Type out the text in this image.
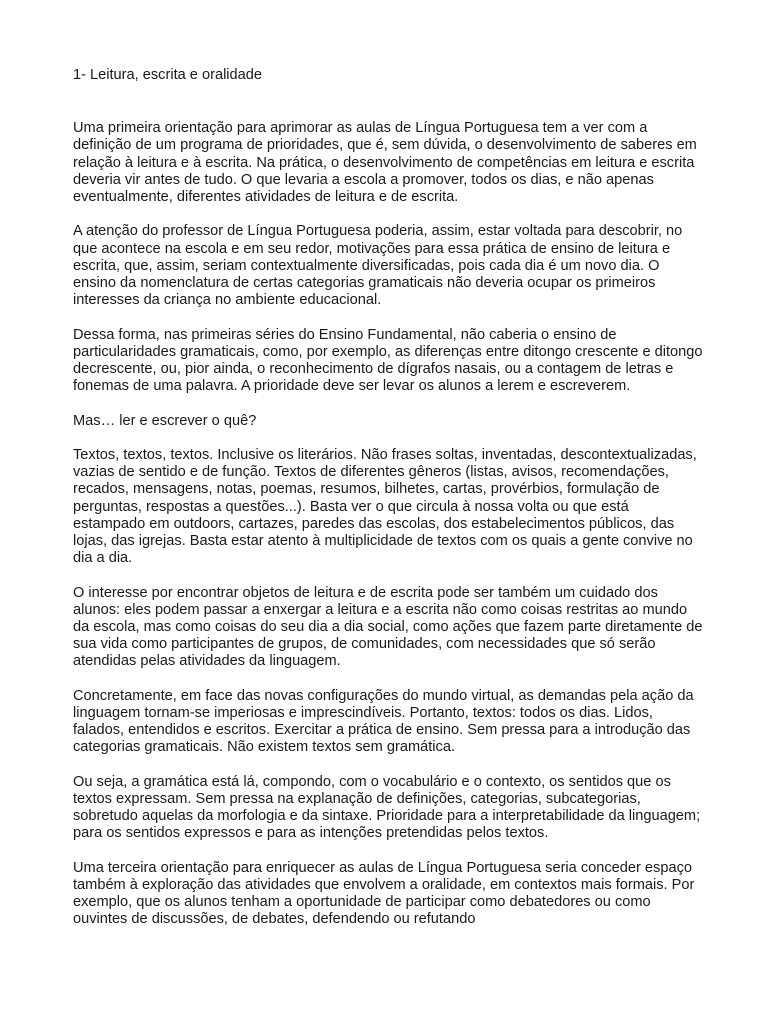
1- Leitura, escrita e oralidade

Uma primeira orientação para aprimorar as aulas de Língua Portuguesa tem a ver com a definição de um programa de prioridades, que é, sem dúvida, o desenvolvimento de saberes em relação à leitura e à escrita. Na prática, o desenvolvimento de competências em leitura e escrita deveria vir antes de tudo. O que levaria a escola a promover, todos os dias, e não apenas eventualmente, diferentes atividades de leitura e de escrita.

A atenção do professor de Língua Portuguesa poderia, assim, estar voltada para descobrir, no que acontece na escola e em seu redor, motivações para essa prática de ensino de leitura e escrita, que, assim, seriam contextualmente diversificadas, pois cada dia é um novo dia. O ensino da nomenclatura de certas categorias gramaticais não deveria ocupar os primeiros interesses da criança no ambiente educacional.

Dessa forma, nas primeiras séries do Ensino Fundamental, não caberia o ensino de particularidades gramaticais, como, por exemplo, as diferenças entre ditongo crescente e ditongo decrescente, ou, pior ainda, o reconhecimento de dígrafos nasais, ou a contagem de letras e fonemas de uma palavra. A prioridade deve ser levar os alunos a lerem e escreverem.

Mas… ler e escrever o quê?

Textos, textos, textos. Inclusive os literários. Não frases soltas, inventadas, descontextualizadas, vazias de sentido e de função. Textos de diferentes gêneros (listas, avisos, recomendações, recados, mensagens, notas, poemas, resumos, bilhetes, cartas, provérbios, formulação de perguntas, respostas a questões...). Basta ver o que circula à nossa volta ou que está estampado em outdoors, cartazes, paredes das escolas, dos estabelecimentos públicos, das lojas, das igrejas. Basta estar atento à multiplicidade de textos com os quais a gente convive no dia a dia.

O interesse por encontrar objetos de leitura e de escrita pode ser também um cuidado dos alunos: eles podem passar a enxergar a leitura e a escrita não como coisas restritas ao mundo da escola, mas como coisas do seu dia a dia social, como ações que fazem parte diretamente de sua vida como participantes de grupos, de comunidades, com necessidades que só serão atendidas pelas atividades da linguagem.

Concretamente, em face das novas configurações do mundo virtual, as demandas pela ação da linguagem tornam-se imperiosas e imprescindíveis. Portanto, textos: todos os dias. Lidos, falados, entendidos e escritos. Exercitar a prática de ensino. Sem pressa para a introdução das categorias gramaticais. Não existem textos sem gramática.

Ou seja, a gramática está lá, compondo, com o vocabulário e o contexto, os sentidos que os textos expressam. Sem pressa na explanação de definições, categorias, subcategorias, sobretudo aquelas da morfologia e da sintaxe. Prioridade para a interpretabilidade da linguagem; para os sentidos expressos e para as intenções pretendidas pelos textos.

Uma terceira orientação para enriquecer as aulas de Língua Portuguesa seria conceder espaço também à exploração das atividades que envolvem a oralidade, em contextos mais formais. Por exemplo, que os alunos tenham a oportunidade de participar como debatedores ou como ouvintes de discussões, de debates, defendendo ou refutando
